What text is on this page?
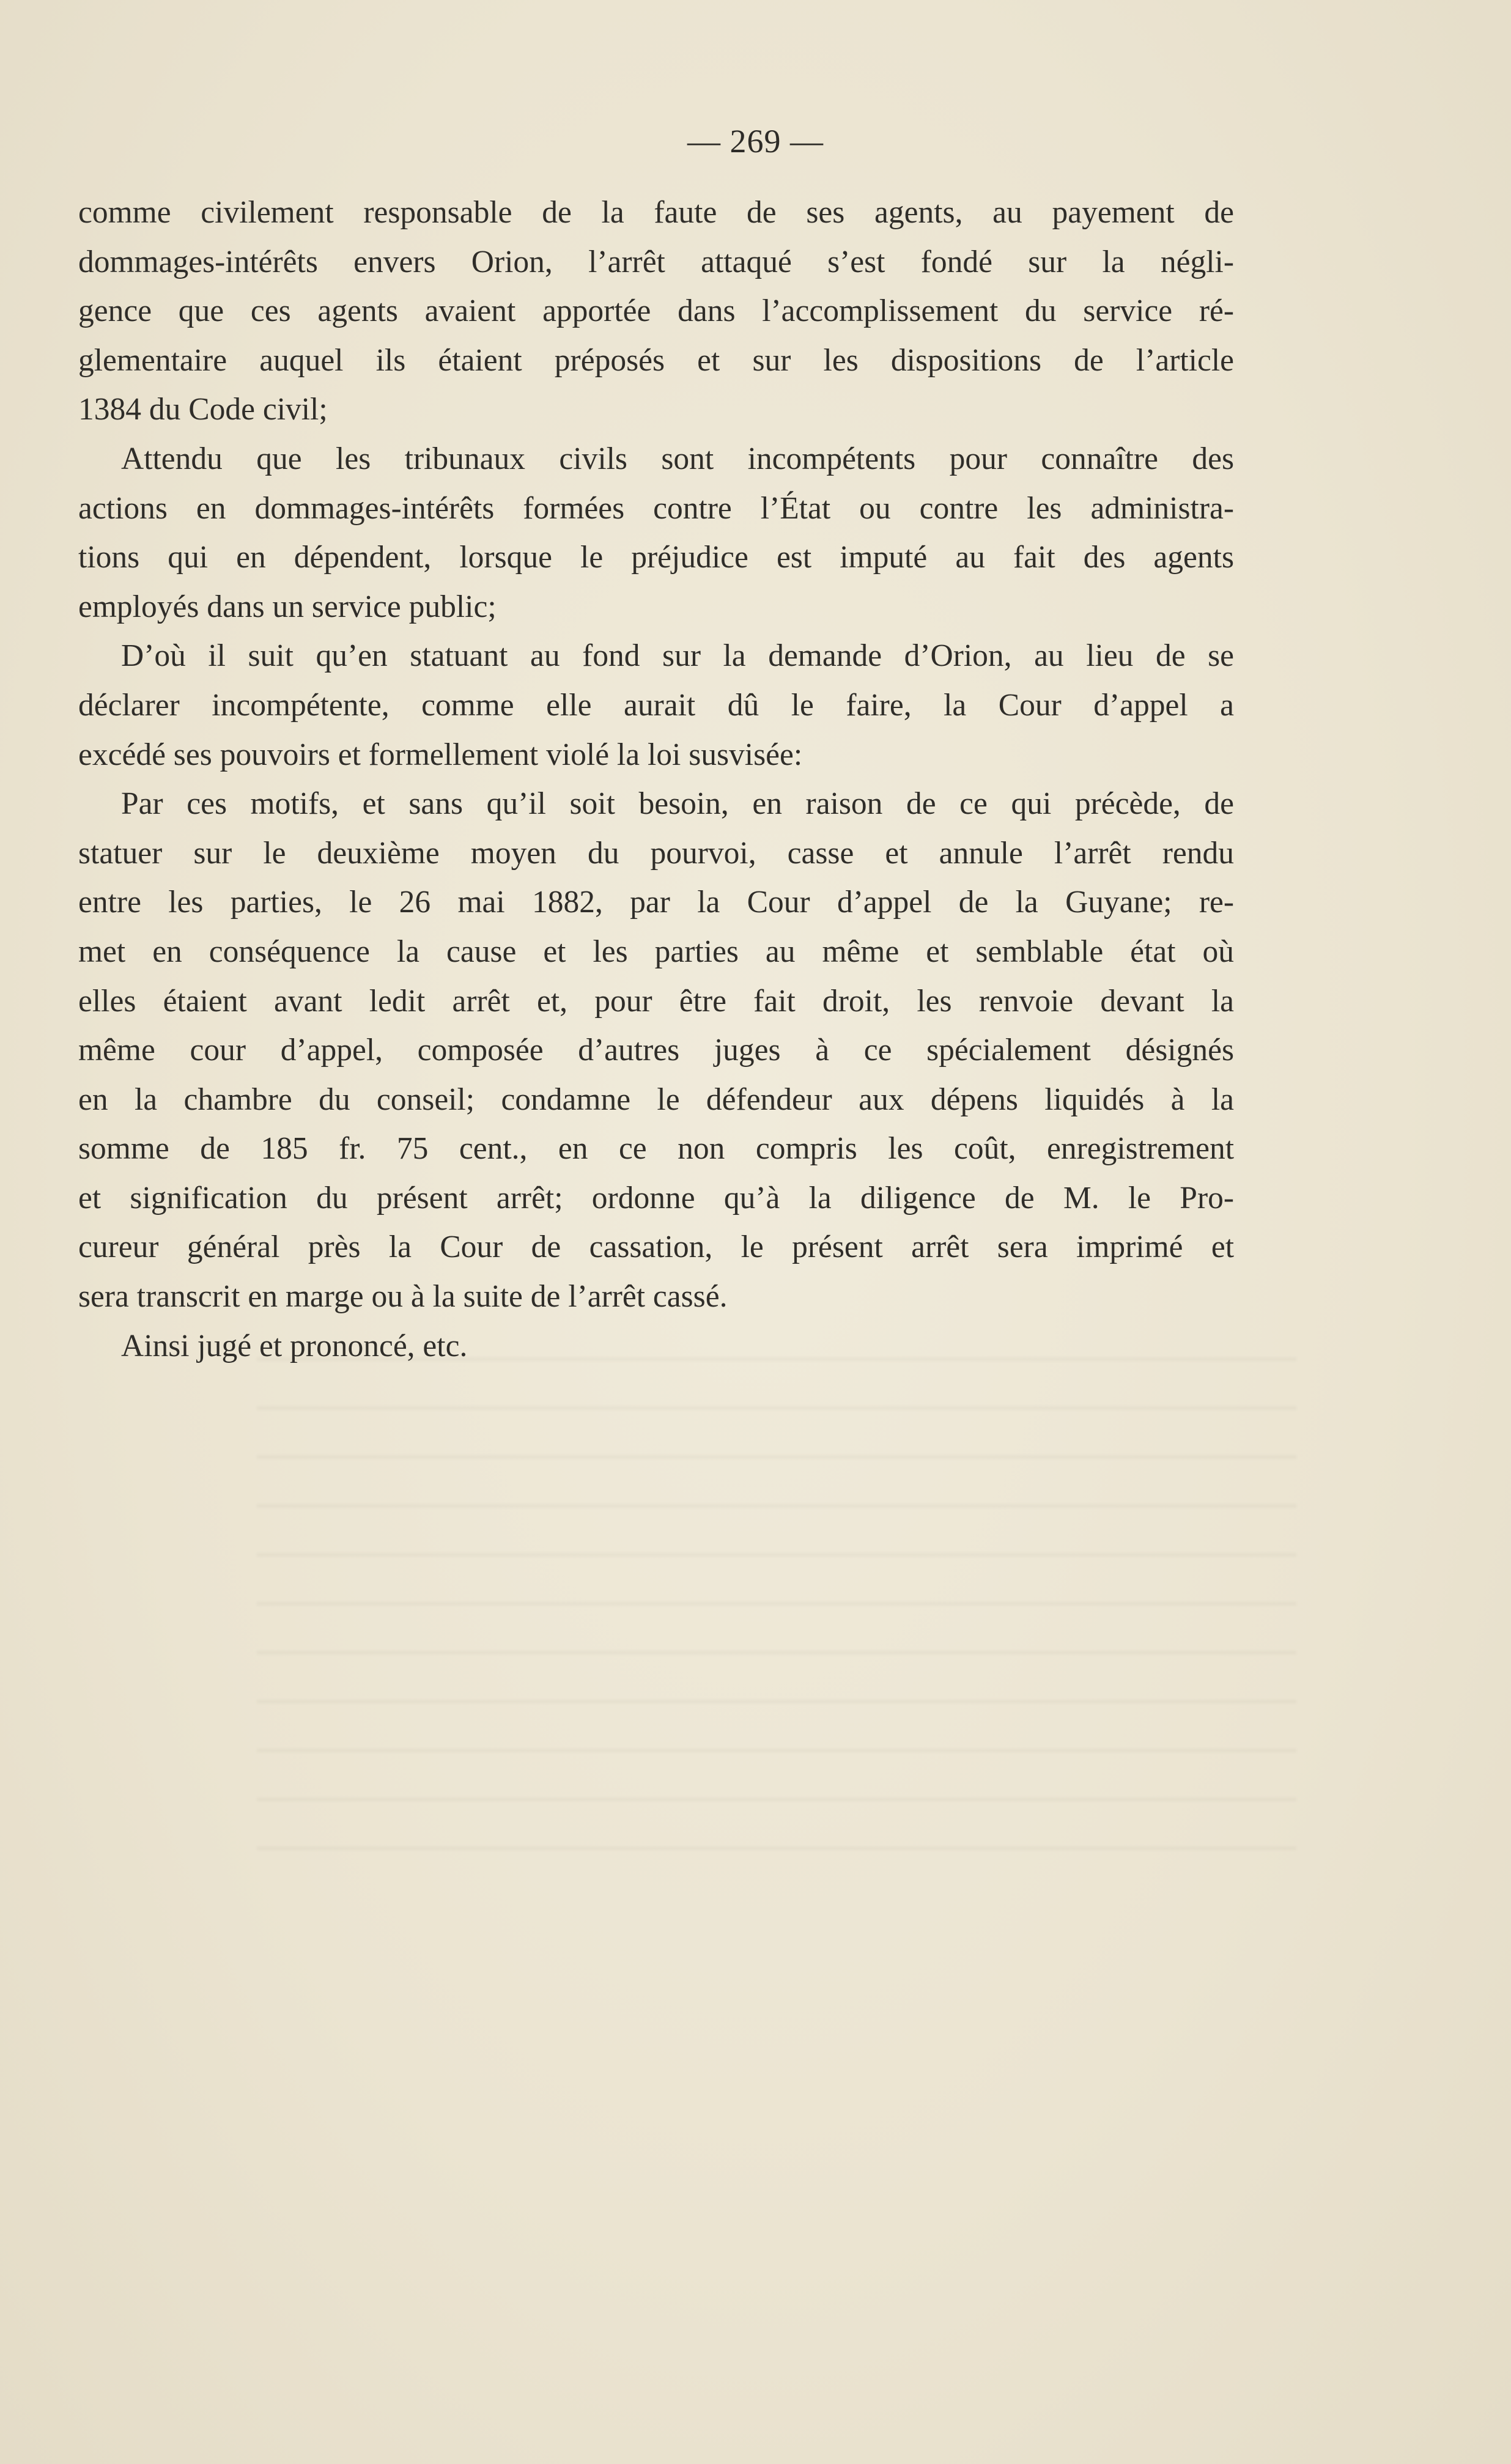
— 269 —
comme civilement responsable de la faute de ses agents, au payement de
dommages-intérêts envers Orion, l’arrêt attaqué s’est fondé sur la négli-
gence que ces agents avaient apportée dans l’accomplissement du service ré-
glementaire auquel ils étaient préposés et sur les dispositions de l’article
1384 du Code civil;
Attendu que les tribunaux civils sont incompétents pour connaître des
actions en dommages-intérêts formées contre l’État ou contre les administra-
tions qui en dépendent, lorsque le préjudice est imputé au fait des agents
employés dans un service public;
D’où il suit qu’en statuant au fond sur la demande d’Orion, au lieu de se
déclarer incompétente, comme elle aurait dû le faire, la Cour d’appel a
excédé ses pouvoirs et formellement violé la loi susvisée:
Par ces motifs, et sans qu’il soit besoin, en raison de ce qui précède, de
statuer sur le deuxième moyen du pourvoi, casse et annule l’arrêt rendu
entre les parties, le 26 mai 1882, par la Cour d’appel de la Guyane; re-
met en conséquence la cause et les parties au même et semblable état où
elles étaient avant ledit arrêt et, pour être fait droit, les renvoie devant la
même cour d’appel, composée d’autres juges à ce spécialement désignés
en la chambre du conseil; condamne le défendeur aux dépens liquidés à la
somme de 185 fr. 75 cent., en ce non compris les coût, enregistrement
et signification du présent arrêt; ordonne qu’à la diligence de M. le Pro-
cureur général près la Cour de cassation, le présent arrêt sera imprimé et
sera transcrit en marge ou à la suite de l’arrêt cassé.
Ainsi jugé et prononcé, etc.
